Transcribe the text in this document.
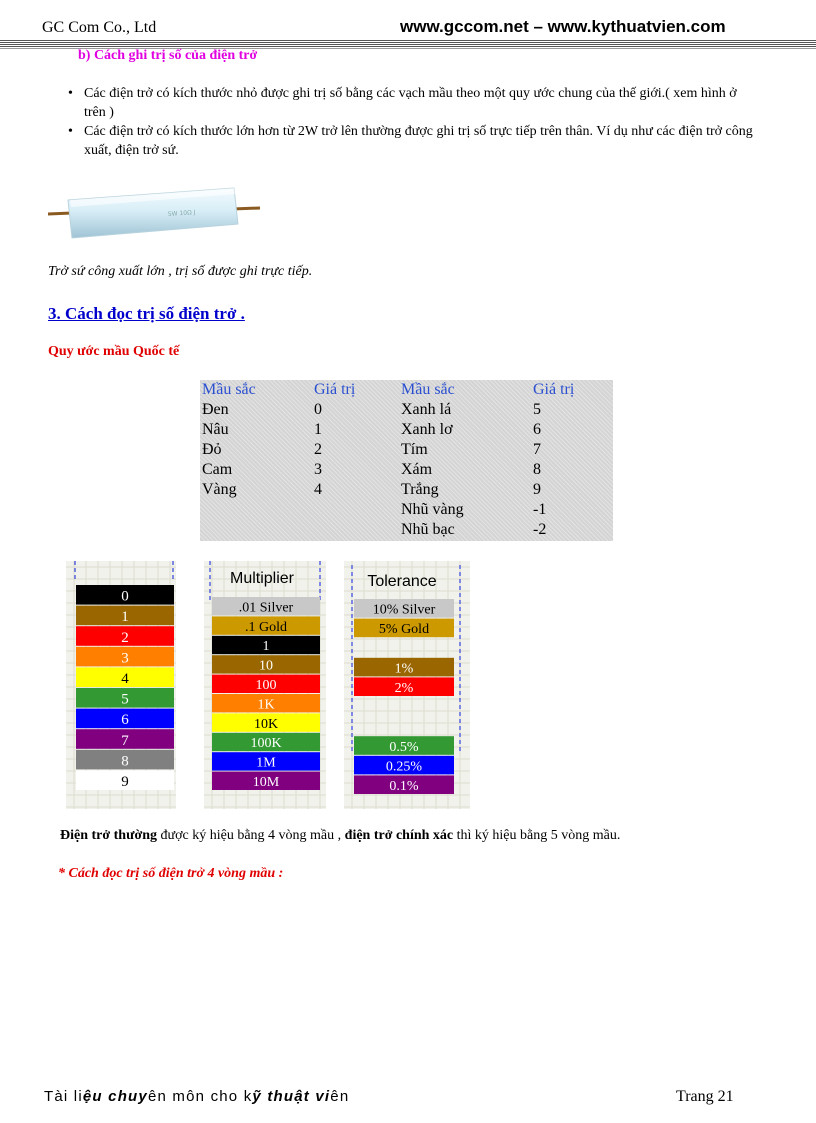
GC Com Co., Ltd	www.gccom.net – www.kythuatvien.com
b) Cách ghi trị số của điện trở
• Các điện trở có kích thước nhỏ được ghi trị số bằng các vạch mầu theo một quy ước chung của thế giới.( xem hình ở trên )
• Các điện trở có kích thước lớn hơn từ 2W trở lên thường được ghi trị số trực tiếp trên thân. Ví dụ như các điện trở công xuất, điện trở sứ.
5W 10Ω J
Trở sứ công xuất lớn , trị số được ghi trực tiếp.
3. Cách đọc trị số điện trở .
Quy ước mầu Quốc tế
Mầu sắc	Giá trị	Mầu sắc	Giá trị
Đen	0	Xanh lá	5
Nâu	1	Xanh lơ	6
Đỏ	2	Tím	7
Cam	3	Xám	8
Vàng	4	Trắng	9
		Nhũ vàng	-1
		Nhũ bạc	-2
0
1
2
3
4
5
6
7
8
9
.01 Silver
.1 Gold
1
10
100
1K
10K
100K
1M
10M
10% Silver
5% Gold
1%
2%
0.5%
0.25%
0.1%
Multiplier	Tolerance
Điện trở thường được ký hiệu bằng 4 vòng mầu , điện trở chính xác thì ký hiệu bằng 5 vòng mầu.
* Cách đọc trị số điện trở 4 vòng mầu :
Tài liệu chuyên môn cho kỹ thuật viên	Trang 21
